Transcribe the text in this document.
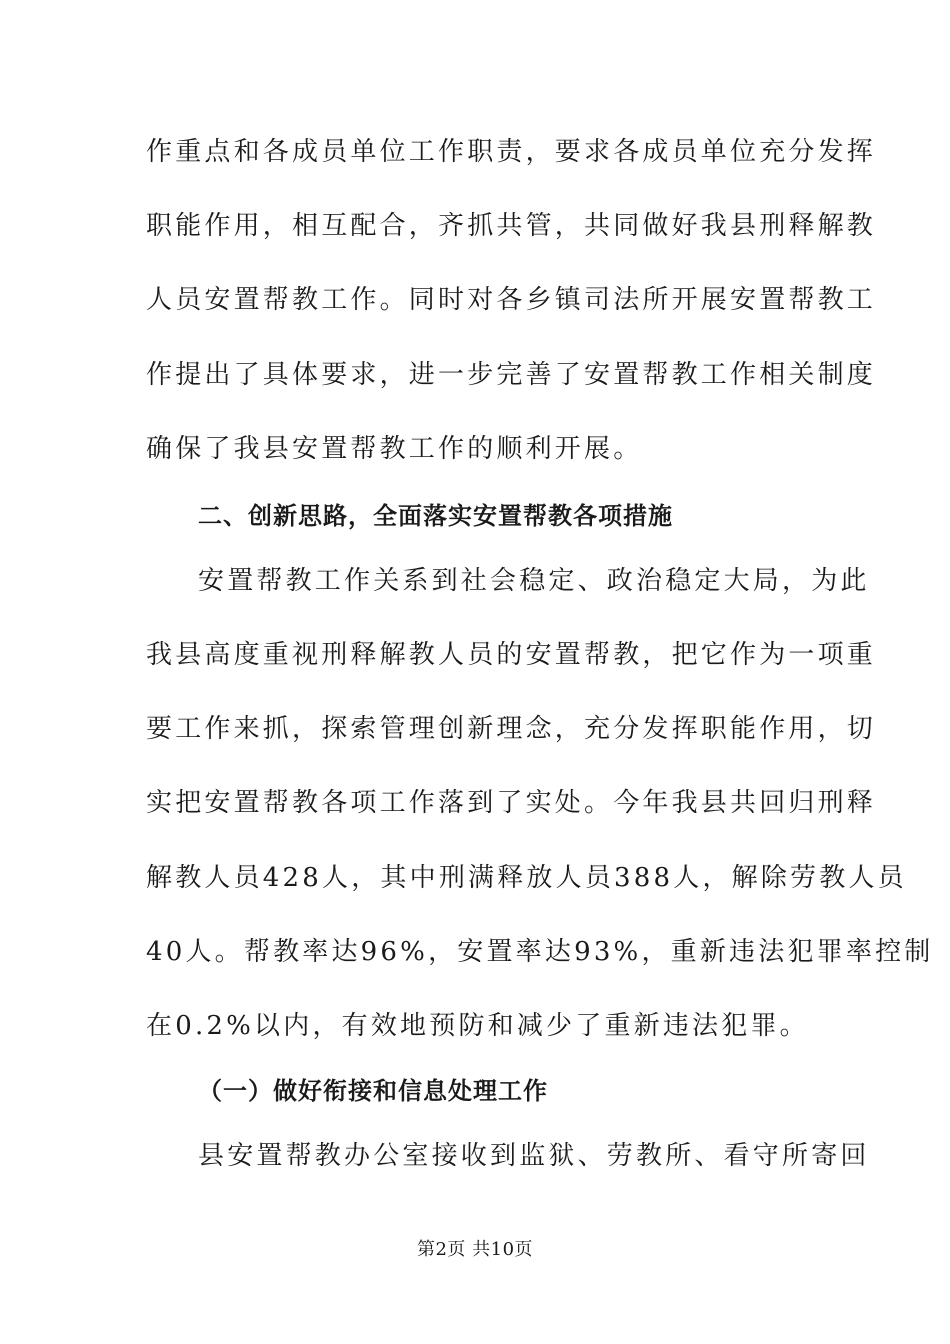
作重点和各成员单位工作职责，要求各成员单位充分发挥
职能作用，相互配合，齐抓共管，共同做好我县刑释解教
人员安置帮教工作。同时对各乡镇司法所开展安置帮教工
作提出了具体要求，进一步完善了安置帮教工作相关制度
确保了我县安置帮教工作的顺利开展。
二、创新思路，全面落实安置帮教各项措施
安置帮教工作关系到社会稳定、政治稳定大局，为此
我县高度重视刑释解教人员的安置帮教，把它作为一项重
要工作来抓，探索管理创新理念，充分发挥职能作用，切
实把安置帮教各项工作落到了实处。今年我县共回归刑释
解教人员428人，其中刑满释放人员388人，解除劳教人员
40人。帮教率达96%，安置率达93%，重新违法犯罪率控制
在0.2%以内，有效地预防和减少了重新违法犯罪。
（一）做好衔接和信息处理工作
县安置帮教办公室接收到监狱、劳教所、看守所寄回
第2页 共10页
